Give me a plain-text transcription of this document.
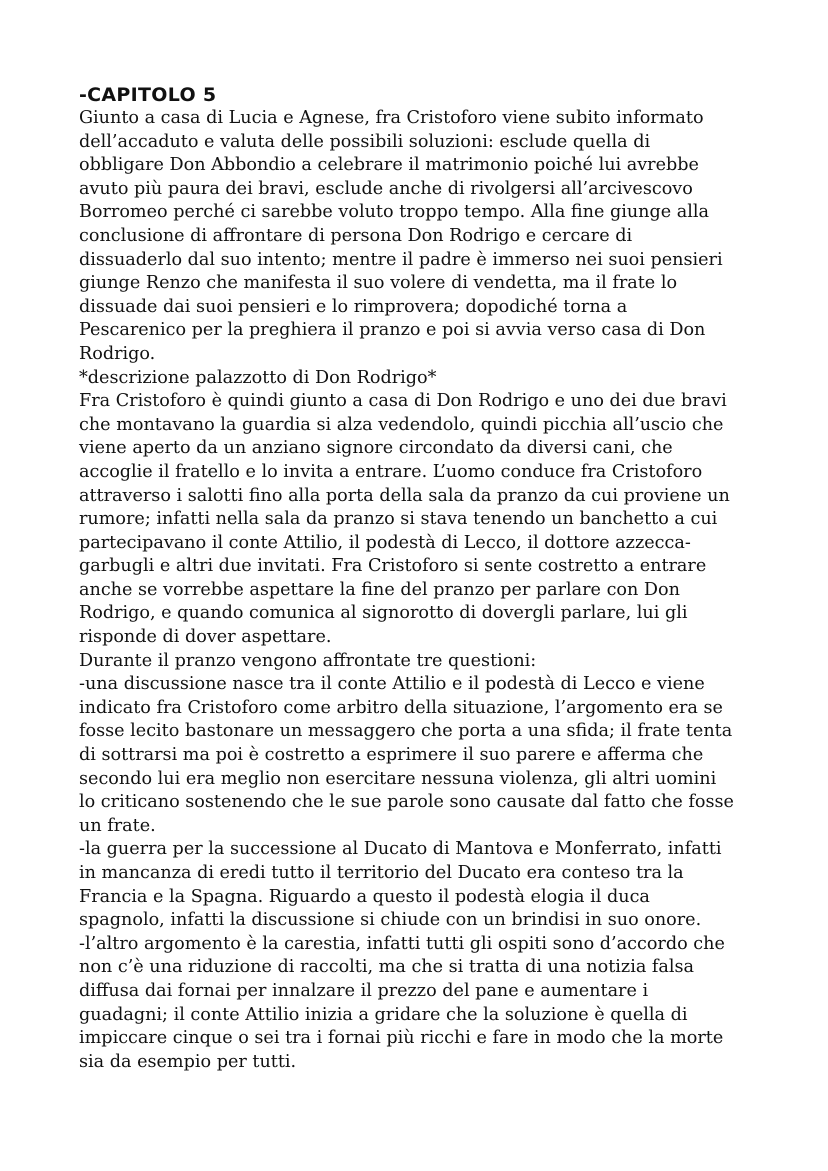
-CAPITOLO 5
Giunto a casa di Lucia e Agnese, fra Cristoforo viene subito informato
dell’accaduto e valuta delle possibili soluzioni: esclude quella di
obbligare Don Abbondio a celebrare il matrimonio poiché lui avrebbe
avuto più paura dei bravi, esclude anche di rivolgersi all’arcivescovo
Borromeo perché ci sarebbe voluto troppo tempo. Alla fine giunge alla
conclusione di affrontare di persona Don Rodrigo e cercare di
dissuaderlo dal suo intento; mentre il padre è immerso nei suoi pensieri
giunge Renzo che manifesta il suo volere di vendetta, ma il frate lo
dissuade dai suoi pensieri e lo rimprovera; dopodiché torna a
Pescarenico per la preghiera il pranzo e poi si avvia verso casa di Don
Rodrigo.
*descrizione palazzotto di Don Rodrigo*
Fra Cristoforo è quindi giunto a casa di Don Rodrigo e uno dei due bravi
che montavano la guardia si alza vedendolo, quindi picchia all’uscio che
viene aperto da un anziano signore circondato da diversi cani, che
accoglie il fratello e lo invita a entrare. L’uomo conduce fra Cristoforo
attraverso i salotti fino alla porta della sala da pranzo da cui proviene un
rumore; infatti nella sala da pranzo si stava tenendo un banchetto a cui
partecipavano il conte Attilio, il podestà di Lecco, il dottore azzecca-
garbugli e altri due invitati. Fra Cristoforo si sente costretto a entrare
anche se vorrebbe aspettare la fine del pranzo per parlare con Don
Rodrigo, e quando comunica al signorotto di dovergli parlare, lui gli
risponde di dover aspettare.
Durante il pranzo vengono affrontate tre questioni:
-una discussione nasce tra il conte Attilio e il podestà di Lecco e viene
indicato fra Cristoforo come arbitro della situazione, l’argomento era se
fosse lecito bastonare un messaggero che porta a una sfida; il frate tenta
di sottrarsi ma poi è costretto a esprimere il suo parere e afferma che
secondo lui era meglio non esercitare nessuna violenza, gli altri uomini
lo criticano sostenendo che le sue parole sono causate dal fatto che fosse
un frate.
-la guerra per la successione al Ducato di Mantova e Monferrato, infatti
in mancanza di eredi tutto il territorio del Ducato era conteso tra la
Francia e la Spagna. Riguardo a questo il podestà elogia il duca
spagnolo, infatti la discussione si chiude con un brindisi in suo onore.
-l’altro argomento è la carestia, infatti tutti gli ospiti sono d’accordo che
non c’è una riduzione di raccolti, ma che si tratta di una notizia falsa
diffusa dai fornai per innalzare il prezzo del pane e aumentare i
guadagni; il conte Attilio inizia a gridare che la soluzione è quella di
impiccare cinque o sei tra i fornai più ricchi e fare in modo che la morte
sia da esempio per tutti.
